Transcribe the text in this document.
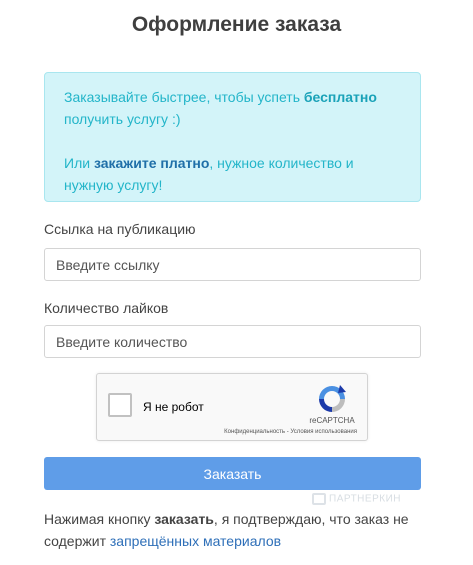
Оформление заказа

Заказывайте быстрее, чтобы успеть бесплатно получить услугу :)

Или закажите платно, нужное количество и нужную услугу!

Ссылка на публикацию
Введите ссылку
Количество лайков
Введите количество
Я не робот
reCAPTCHA
Конфиденциальность - Условия использования
ПАРТНЕРКИН
Заказать
Нажимая кнопку заказать, я подтверждаю, что заказ не содержит запрещённых материалов
